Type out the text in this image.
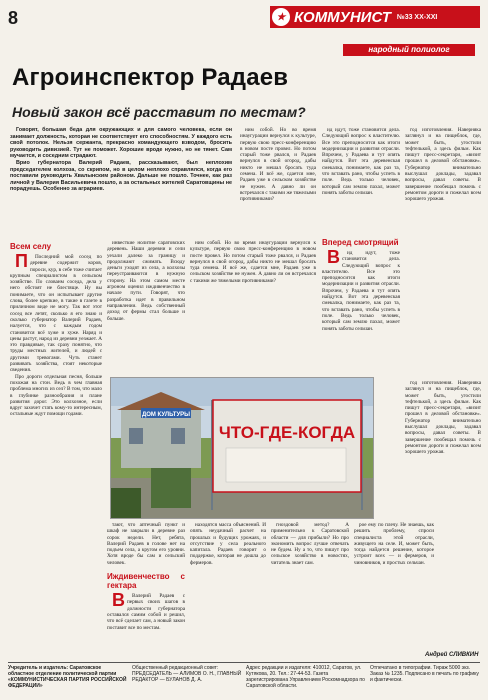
8	★ КОММУНИСТ №33 XX-XXI
народный полиолог
Агроинспектор Радаев
Новый закон всё расставит по местам?

Говорят, большая беда для окружающих и для самого человека, если он занимает должность, которая не соответствует его способностям. У каждого есть свой потолок. Нельзя сержанта, прекрасно командующего взводом, бросить руководить дивизией. Тут не поможет. Хорошие вроде нужно, но не тянет. Сам мучается, и соседним страдают.

Врио губернатора Валерий Радаев, рассказывают, был неплохим председателем колхоза, со скрипом, но в целом неплохо справлялся, когда его поставили руководить Хвалынским районом. Дальше не пошло. Точнее, как раз личной у Валерия Васильевича пошло, а за остальных жителей Саратовщины не порадуешь. Особенно за аграриев.

ним собой. Но во время инаугурации вернулся к культуре, первую свою пресс-конференцию в новом посте провел. Но потом старый тоже рвался, и Радаев вернулся в свой огород, дабы никто не мешал бросать туда семена. И всё же, сдается мне, Радаев уже в сельском хозяйстве не нужен. А давно ли он встречался с такими же тяжелыми противниками?

ид идут, тоже становится дела. Следующий вопрос к властителю. Все это преподносится как итоги модернизации и развития отрасли. Впрочем, у Радаева и тут опять найдутся. Вот эта деревенская смекалка, понимаете, как раз та, что вставать рано, чтобы успеть в поле. Ведь только человек, который сам землю пахал, может понять заботы сельчан.

Вперед смотрящий

В ид идут, тоже становится дела. Следующий вопрос к властителю. Все это преподносится как итоги модернизации и развития отрасли. Впрочем, у Радаева и тут опять найдутся. Вот эта деревенская смекалка, понимаете, как раз та, что вставать рано, чтобы успеть в поле. Ведь только человек, который сам землю пахал, может понять заботы сельчан.

год изготовления. Наверняка заглянул и на пищеблок, где, может быть, угостили тефтелькой, а здесь фильм. Как пишут пресс-секретари, «визит прошел в деловой обстановке». Губернатор внимательно выслушал доклады, задавал вопросы, давал советы. В завершение пообещал помочь с ремонтом дороги и пожелал всем хорошего урожая.

Всем селу

П Последний мой сосед по деревне содержит коров, пороси, кур, в себе тоже считает крупным специалистом в сельском хозяйстве. По слованм соседа, дела у него обстоят не блестяще. Ну вы понимаете, что он испытывает другие слова, более крепкие, в такие в газете в приличном виде не могу. Так вот этот сосед все летят, сколько я его знаю и сколько губернатор Валерий Радаев, налуется, что с каждым годом становится всё хуже и хуже. Наряд и цены растут, народ из деревни уезжает. А это правдивые, так сразу понятно, что труды местных жителей, и людей с другими тревогами. Чуть станет развивать хозяйства, стоят некоторые сведения.

Про дороги отдельная песня, больше похожая на стон. Ведь в чем главная проблема многих из сел? В том, что мало в глубинке разнообразия и плане развития дорог. Это колхозное, если вдруг захочет стать кому-то интересным, остальные ждут помощи годами.

инвесткие нолитие саратовских деревень. Наши деревни и сели уехали далеко за границу и продолжают сжимать. Всюду деньги уходят из села, а колхозы переустраиваются в нужную сторону. На этом самом месте агроном оценил иждивенчество в начале пути. Говорят, что разработка идет в правильном направлении. Ведь собственный доход от фермы стал больше и больше.

ним собой. Но во время инаугурации вернулся к культуре, первую свою пресс-конференцию в новом посте провел. Но потом старый тоже рвался, и Радаев вернулся в свой огород, дабы никто не мешал бросать туда семена. И всё же, сдается мне, Радаев уже в сельском хозяйстве не нужен. А давно ли он встречался с такими же тяжелыми противниками?

ДОМ КУЛЬТУРЫ
ЧТО-ГДЕ-КОГДА

тают, что аптечный пункт и шкаф не закрыли в деревне раз сорок недели. Нет, ребята, Валерий Радаев в голове нет на подъем села, а кругом его уровни. Хотя вроде бы сам и сельский человек.

Иждивенчество с гектара

В Валерий Радаев с первых своих шагов в должности губернатора оставался самим собой и решил, что всё сделает сам, а новый закон поставит все по местам.

находятся масса объяснений. И опять неудачный расчет на прошлых и будущих урожаях, и отсутствие у села реального капитала. Радаев говорит о поддержке, которая не дошла до фермеров.

гноздовой метод? А применительно к Саратовской области — для прибыли? Но про экономить вопрос лучше отвечать не будем. Ну а то, что пишут про сельское хозяйство в новостях, читатель знает сам.

рое ему по плечу. Не знаешь, как решить проблему, спроси специалиста этой отрасли, живущего на селе. И, может быть, тогда найдется решение, которое устроит всех — и фермеров, и чиновников, и простых сельчан.

год изготовления. Наверняка заглянул и на пищеблок, где, может быть, угостили тефтелькой, а здесь фильм. Как пишут пресс-секретари, «визит прошел в деловой обстановке». Губернатор внимательно выслушал доклады, задавал вопросы, давал советы. В завершение пообещал помочь с ремонтом дороги и пожелал всем хорошего урожая.

Андрей СЛИВКИН
Учредитель и издатель: Саратовское областное отделение политической партии «КОММУНИСТИЧЕСКАЯ ПАРТИЯ РОССИЙСКОЙ ФЕДЕРАЦИИ»
Общественный редакционный совет: ПРЕДСЕДАТЕЛЬ — АЛИМОВ О. Н., ГЛАВНЫЙ РЕДАКТОР — БУЛАНОВ Д. А.
Адрес редакции и издателя: 410012, Саратов, ул. Кутякова, 20. Тел.: 27-44-53. Газета зарегистрирована Управлением Роскомнадзора по Саратовской области.
Отпечатано в типографии. Тираж 5000 экз. Заказ № 1235. Подписано в печать по графику и фактически.
